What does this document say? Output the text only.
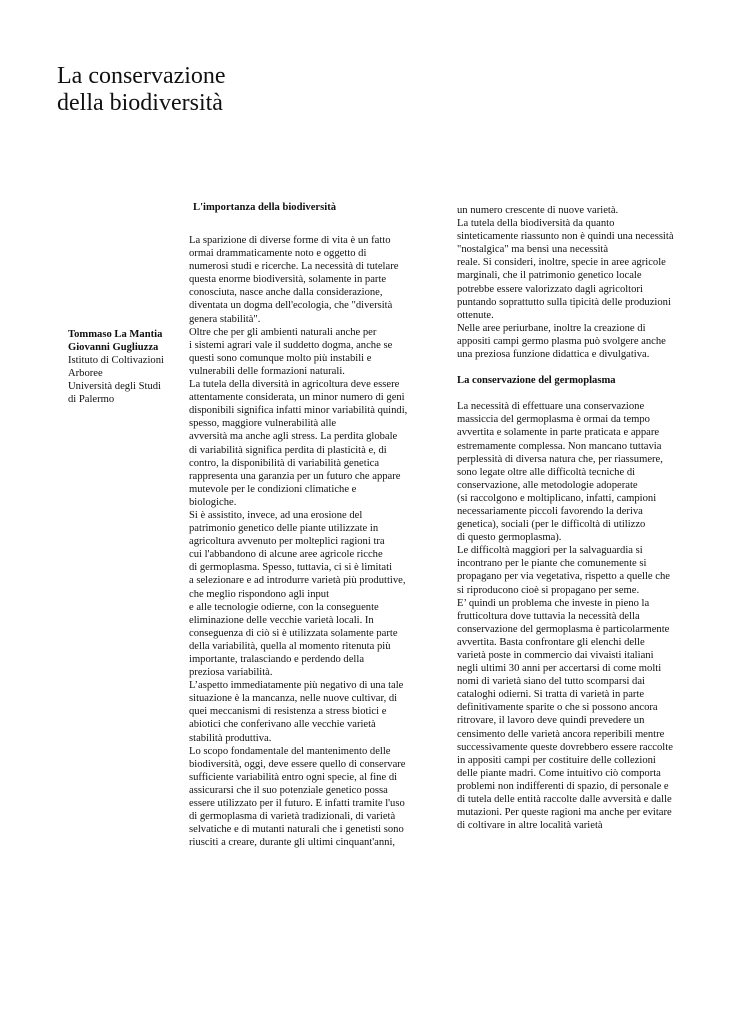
La conservazione
della biodiversità
Tommaso La Mantia
Giovanni Gugliuzza
Istituto di Coltivazioni
Arboree
Università degli Studi
di Palermo
L'importanza della biodiversità
La sparizione di diverse forme di vita è un fatto
ormai drammaticamente noto e oggetto di
numerosi studi e ricerche. La necessità di tutelare
questa enorme biodiversità, solamente in parte
conosciuta, nasce anche dalla considerazione,
diventata un dogma dell'ecologia, che "diversità
genera stabilità".
Oltre che per gli ambienti naturali anche per
i sistemi agrari vale il suddetto dogma, anche se
questi sono comunque molto più instabili e
vulnerabili delle formazioni naturali.
La tutela della diversità in agricoltura deve essere
attentamente considerata, un minor numero di geni
disponibili significa infatti minor variabilità quindi,
spesso, maggiore vulnerabilità alle
avversità ma anche agli stress. La perdita globale
di variabilità significa perdita di plasticità e, di
contro, la disponibilità di variabilità genetica
rappresenta una garanzia per un futuro che appare
mutevole per le condizioni climatiche e
biologiche.
Si è assistito, invece, ad una erosione del
patrimonio genetico delle piante utilizzate in
agricoltura avvenuto per molteplici ragioni tra
cui l'abbandono di alcune aree agricole ricche
di germoplasma. Spesso, tuttavia, ci si è limitati
a selezionare e ad introdurre varietà più produttive,
che meglio rispondono agli input
e alle tecnologie odierne, con la conseguente
eliminazione delle vecchie varietà locali. In
conseguenza di ciò si è utilizzata solamente parte
della variabilità, quella al momento ritenuta più
importante, tralasciando e perdendo della
preziosa variabilità.
L’aspetto immediatamente più negativo di una tale
situazione è la mancanza, nelle nuove cultivar, di
quei meccanismi di resistenza a stress biotici e
abiotici che conferivano alle vecchie varietà
stabilità produttiva.
Lo scopo fondamentale del mantenimento delle
biodiversità, oggi, deve essere quello di conservare
sufficiente variabilità entro ogni specie, al fine di
assicurarsi che il suo potenziale genetico possa
essere utilizzato per il futuro. E infatti tramite l'uso
di germoplasma di varietà tradizionali, di varietà
selvatiche e di mutanti naturali che i genetisti sono
riusciti a creare, durante gli ultimi cinquant'anni,
un numero crescente di nuove varietà.
La tutela della biodiversità da quanto
sinteticamente riassunto non è quindi una necessità
"nostalgica" ma bensì una necessità
reale. Si consideri, inoltre, specie in aree agricole
marginali, che il patrimonio genetico locale
potrebbe essere valorizzato dagli agricoltori
puntando soprattutto sulla tipicità delle produzioni
ottenute.
Nelle aree periurbane, inoltre la creazione di
appositi campi germo plasma può svolgere anche
una preziosa funzione didattica e divulgativa.
La conservazione del germoplasma
La necessità di effettuare una conservazione
massiccia del germoplasma è ormai da tempo
avvertita e solamente in parte praticata e appare
estremamente complessa. Non mancano tuttavia
perplessità di diversa natura che, per riassumere,
sono legate oltre alle difficoltà tecniche di
conservazione, alle metodologie adoperate
(si raccolgono e moltiplicano, infatti, campioni
necessariamente piccoli favorendo la deriva
genetica), sociali (per le difficoltà di utilizzo
di questo germoplasma).
Le difficoltà maggiori per la salvaguardia si
incontrano per le piante che comunemente si
propagano per via vegetativa, rispetto a quelle che
si riproducono cioè si propagano per seme.
E’ quindi un problema che investe in pieno la
frutticoltura dove tuttavia la necessità della
conservazione del germoplasma è particolarmente
avvertita. Basta confrontare gli elenchi delle
varietà poste in commercio dai vivaisti italiani
negli ultimi 30 anni per accertarsi di come molti
nomi di varietà siano del tutto scomparsi dai
cataloghi odierni. Si tratta di varietà in parte
definitivamente sparite o che si possono ancora
ritrovare, il lavoro deve quindi prevedere un
censimento delle varietà ancora reperibili mentre
successivamente queste dovrebbero essere raccolte
in appositi campi per costituire delle collezioni
delle piante madri. Come intuitivo ciò comporta
problemi non indifferenti di spazio, di personale e
di tutela delle entità raccolte dalle avversità e dalle
mutazioni. Per queste ragioni ma anche per evitare
di coltivare in altre località varietà
